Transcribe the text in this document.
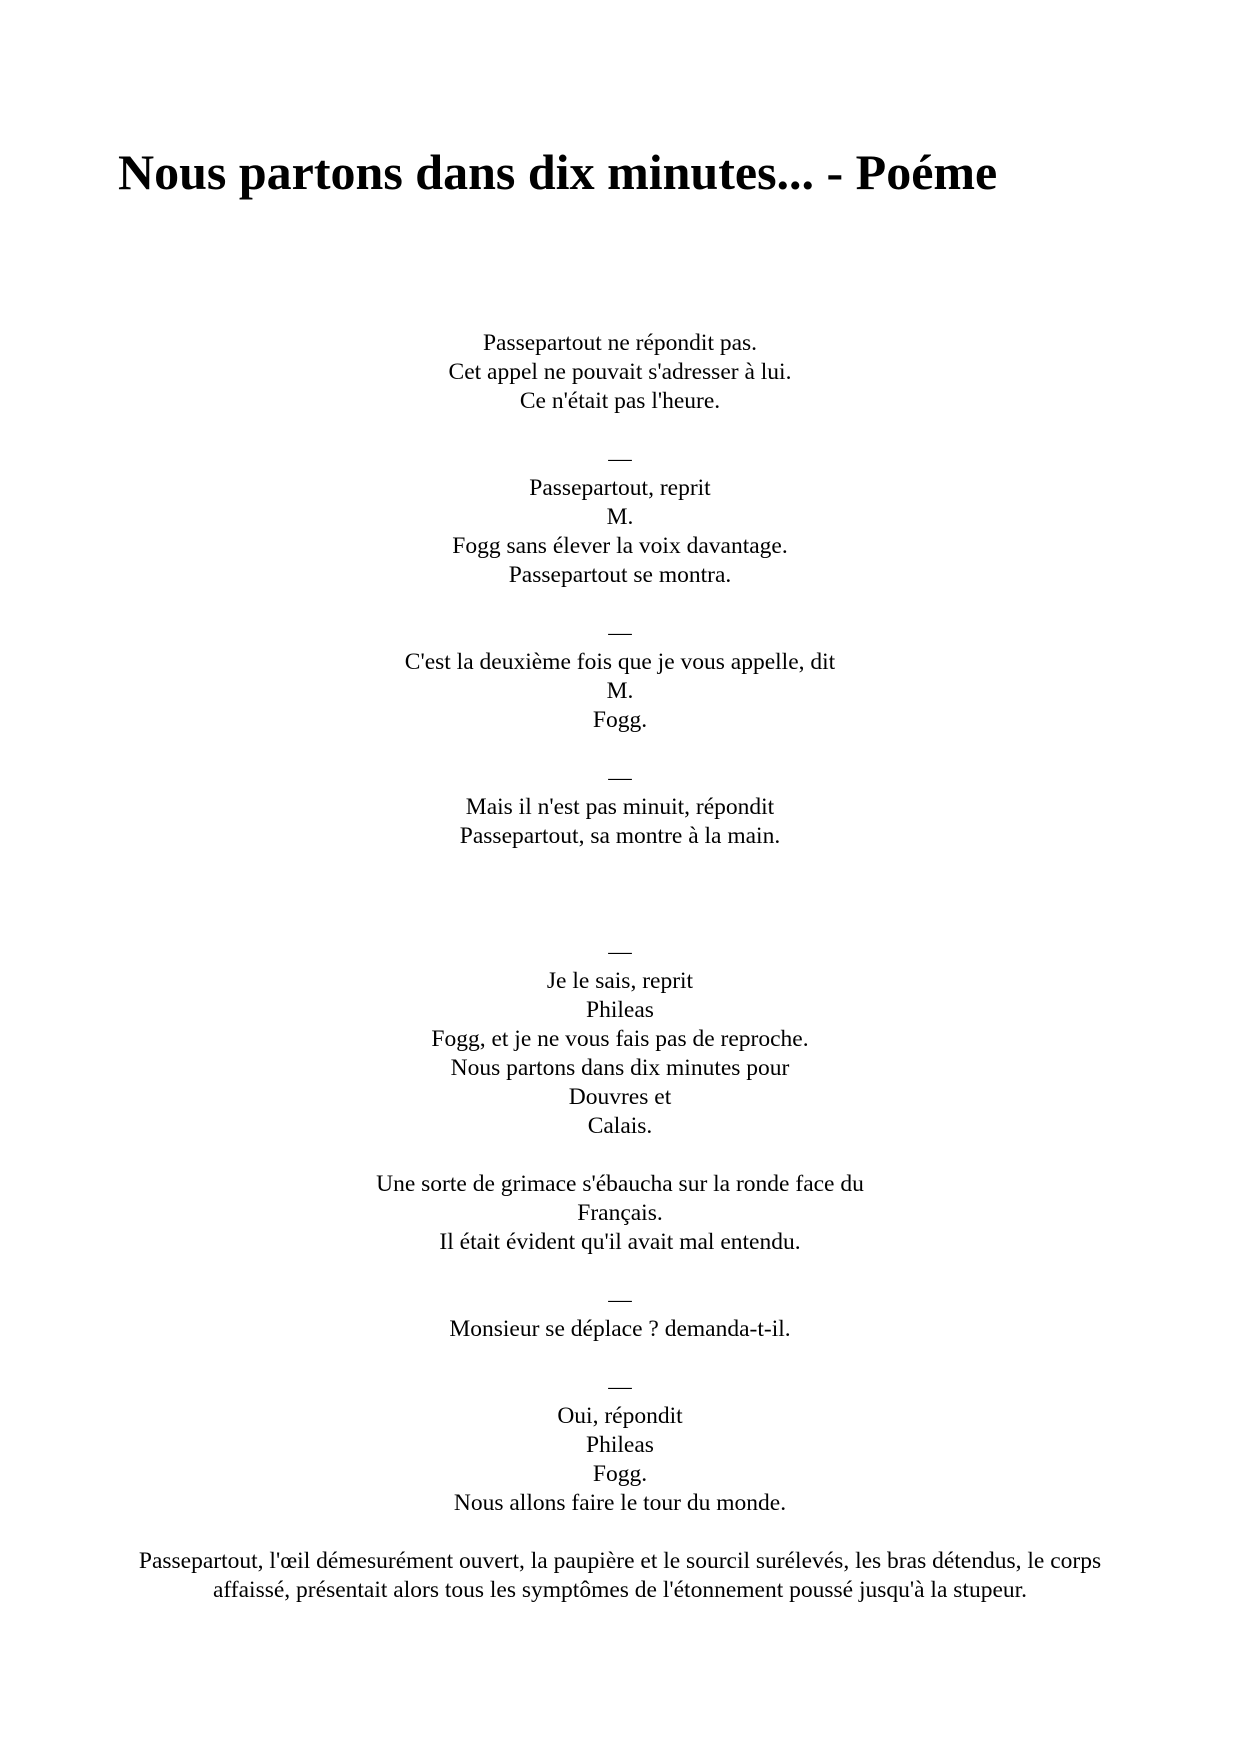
Nous partons dans dix minutes... - Poéme
Passepartout ne répondit pas.
Cet appel ne pouvait s'adresser à lui.
Ce n'était pas l'heure.
—
Passepartout, reprit
M.
Fogg sans élever la voix davantage.
Passepartout se montra.
—
C'est la deuxième fois que je vous appelle, dit
M.
Fogg.
—
Mais il n'est pas minuit, répondit
Passepartout, sa montre à la main.
—
Je le sais, reprit
Phileas
Fogg, et je ne vous fais pas de reproche.
Nous partons dans dix minutes pour
Douvres et
Calais.
Une sorte de grimace s'ébaucha sur la ronde face du
Français.
Il était évident qu'il avait mal entendu.
—
Monsieur se déplace ? demanda-t-il.
—
Oui, répondit
Phileas
Fogg.
Nous allons faire le tour du monde.
Passepartout, l'œil démesurément ouvert, la paupière et le sourcil surélevés, les bras détendus, le corps affaissé, présentait alors tous les symptômes de l'étonnement poussé jusqu'à la stupeur.
